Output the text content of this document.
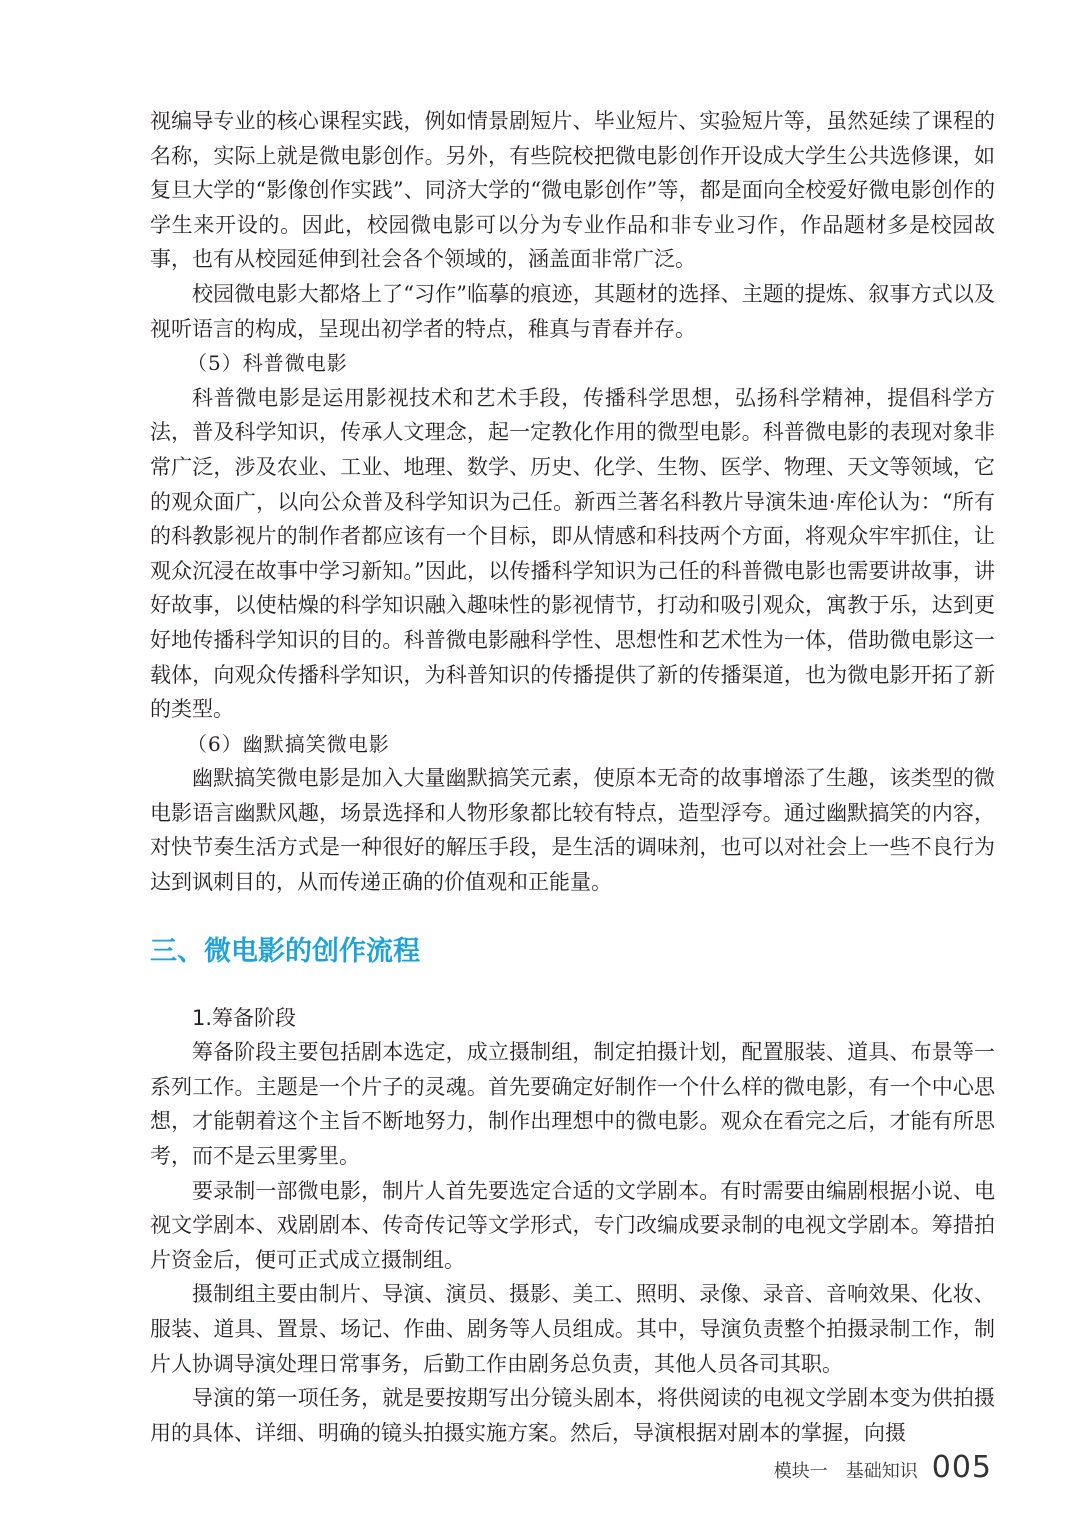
视编导专业的核心课程实践，例如情景剧短片、毕业短片、实验短片等，虽然延续了课程的名称，实际上就是微电影创作。另外，有些院校把微电影创作开设成大学生公共选修课，如复旦大学的“影像创作实践”、同济大学的“微电影创作”等，都是面向全校爱好微电影创作的学生来开设的。因此，校园微电影可以分为专业作品和非专业习作，作品题材多是校园故事，也有从校园延伸到社会各个领域的，涵盖面非常广泛。

校园微电影大都烙上了“习作”临摹的痕迹，其题材的选择、主题的提炼、叙事方式以及视听语言的构成，呈现出初学者的特点，稚真与青春并存。

（5）科普微电影

科普微电影是运用影视技术和艺术手段，传播科学思想，弘扬科学精神，提倡科学方法，普及科学知识，传承人文理念，起一定教化作用的微型电影。科普微电影的表现对象非常广泛，涉及农业、工业、地理、数学、历史、化学、生物、医学、物理、天文等领域，它的观众面广，以向公众普及科学知识为己任。新西兰著名科教片导演朱迪·库伦认为：“所有的科教影视片的制作者都应该有一个目标，即从情感和科技两个方面，将观众牢牢抓住，让观众沉浸在故事中学习新知。”因此，以传播科学知识为己任的科普微电影也需要讲故事，讲好故事，以使枯燥的科学知识融入趣味性的影视情节，打动和吸引观众，寓教于乐，达到更好地传播科学知识的目的。科普微电影融科学性、思想性和艺术性为一体，借助微电影这一载体，向观众传播科学知识，为科普知识的传播提供了新的传播渠道，也为微电影开拓了新的类型。

（6）幽默搞笑微电影

幽默搞笑微电影是加入大量幽默搞笑元素，使原本无奇的故事增添了生趣，该类型的微电影语言幽默风趣，场景选择和人物形象都比较有特点，造型浮夸。通过幽默搞笑的内容，对快节奏生活方式是一种很好的解压手段，是生活的调味剂，也可以对社会上一些不良行为达到讽刺目的，从而传递正确的价值观和正能量。

三、微电影的创作流程

1.筹备阶段

筹备阶段主要包括剧本选定，成立摄制组，制定拍摄计划，配置服装、道具、布景等一系列工作。主题是一个片子的灵魂。首先要确定好制作一个什么样的微电影，有一个中心思想，才能朝着这个主旨不断地努力，制作出理想中的微电影。观众在看完之后，才能有所思考，而不是云里雾里。

要录制一部微电影，制片人首先要选定合适的文学剧本。有时需要由编剧根据小说、电视文学剧本、戏剧剧本、传奇传记等文学形式，专门改编成要录制的电视文学剧本。筹措拍片资金后，便可正式成立摄制组。

摄制组主要由制片、导演、演员、摄影、美工、照明、录像、录音、音响效果、化妆、服装、道具、置景、场记、作曲、剧务等人员组成。其中，导演负责整个拍摄录制工作，制片人协调导演处理日常事务，后勤工作由剧务总负责，其他人员各司其职。

导演的第一项任务，就是要按期写出分镜头剧本，将供阅读的电视文学剧本变为供拍摄用的具体、详细、明确的镜头拍摄实施方案。然后，导演根据对剧本的掌握，向摄

模块一　基础知识 005
